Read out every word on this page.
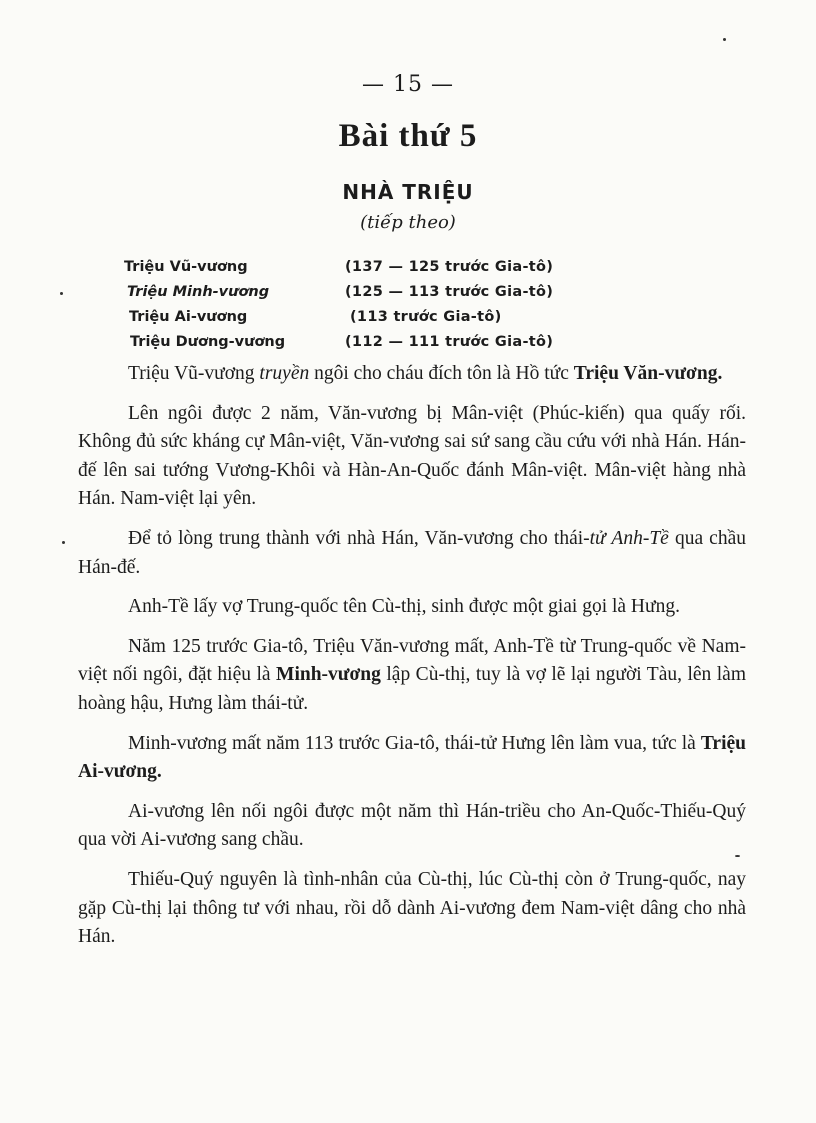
— 15 —
Bài thứ 5
NHÀ TRIỆU
(tiếp theo)
Triệu Vũ-vương	(137 — 125 trước Gia-tô)
Triệu Minh-vương	(125 — 113 trước Gia-tô)
Triệu Ai-vương	(113 trước Gia-tô)
Triệu Dương-vương	(112 — 111 trước Gia-tô)

Triệu Vũ-vương truyền ngôi cho cháu đích tôn là Hồ tức Triệu Văn-vương.

Lên ngôi được 2 năm, Văn-vương bị Mân-việt (Phúc-kiến) qua quấy rối. Không đủ sức kháng cự Mân-việt, Văn-vương sai sứ sang cầu cứu với nhà Hán. Hán-đế lên sai tướng Vương-Khôi và Hàn-An-Quốc đánh Mân-việt. Mân-việt hàng nhà Hán. Nam-việt lại yên.

Để tỏ lòng trung thành với nhà Hán, Văn-vương cho thái-tử Anh-Tề qua chầu Hán-đế.

Anh-Tề lấy vợ Trung-quốc tên Cù-thị, sinh được một giai gọi là Hưng.

Năm 125 trước Gia-tô, Triệu Văn-vương mất, Anh-Tề từ Trung-quốc về Nam-việt nối ngôi, đặt hiệu là Minh-vương lập Cù-thị, tuy là vợ lẽ lại người Tàu, lên làm hoàng hậu, Hưng làm thái-tử.

Minh-vương mất năm 113 trước Gia-tô, thái-tử Hưng lên làm vua, tức là Triệu Ai-vương.

Ai-vương lên nối ngôi được một năm thì Hán-triều cho An-Quốc-Thiếu-Quý qua vời Ai-vương sang chầu.

Thiếu-Quý nguyên là tình-nhân của Cù-thị, lúc Cù-thị còn ở Trung-quốc, nay gặp Cù-thị lại thông tư với nhau, rồi dỗ dành Ai-vương đem Nam-việt dâng cho nhà Hán.
